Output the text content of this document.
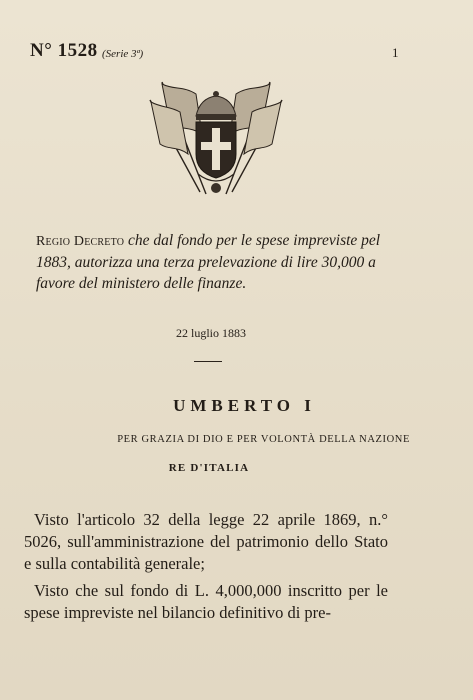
N° 1528 (Serie 3ª)	1
Regio Decreto che dal fondo per le spese impreviste pel 1883, autorizza una terza prelevazione di lire 30,000 a favore del ministero delle finanze.
22 luglio 1883
UMBERTO I
PER GRAZIA DI DIO E PER VOLONTÀ DELLA NAZIONE
RE D'ITALIA
Visto l'articolo 32 della legge 22 aprile 1869, n.° 5026, sull'amministrazione del patrimonio dello Stato e sulla contabilità generale;
Visto che sul fondo di L. 4,000,000 inscritto per le spese impreviste nel bilancio definitivo di pre-
